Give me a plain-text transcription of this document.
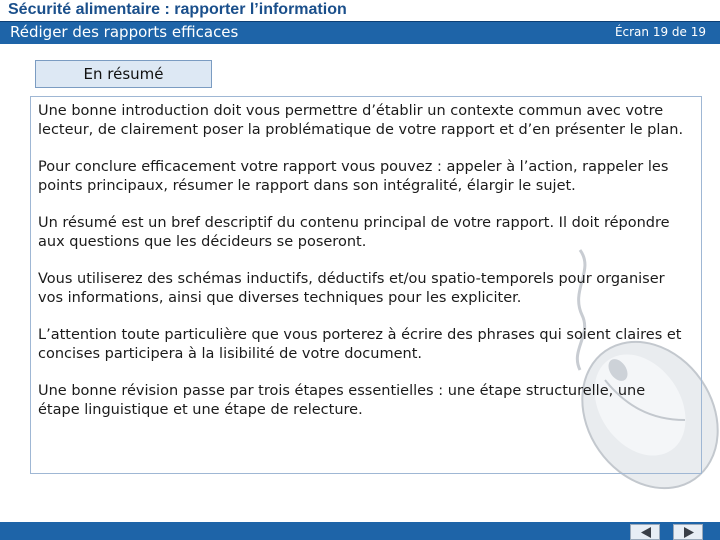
Sécurité alimentaire : rapporter l’information
Rédiger des rapports efficaces	Écran 19 de 19
En résumé

Une bonne introduction doit vous permettre d’établir un contexte commun avec votre lecteur, de clairement poser la problématique de votre rapport et d’en présenter le plan.

Pour conclure efficacement votre rapport vous pouvez : appeler à l’action, rappeler les points principaux, résumer le rapport dans son intégralité, élargir le sujet.

Un résumé est un bref descriptif du contenu principal de votre rapport. Il doit répondre aux questions que les décideurs se poseront.

Vous utiliserez des schémas inductifs, déductifs et/ou spatio-temporels pour organiser vos informations, ainsi que diverses techniques pour les expliciter.

L’attention toute particulière que vous porterez à écrire des phrases qui soient claires et concises participera à la lisibilité de votre document.

Une bonne révision passe par trois étapes essentielles : une étape structurelle, une étape linguistique et une étape de relecture.
